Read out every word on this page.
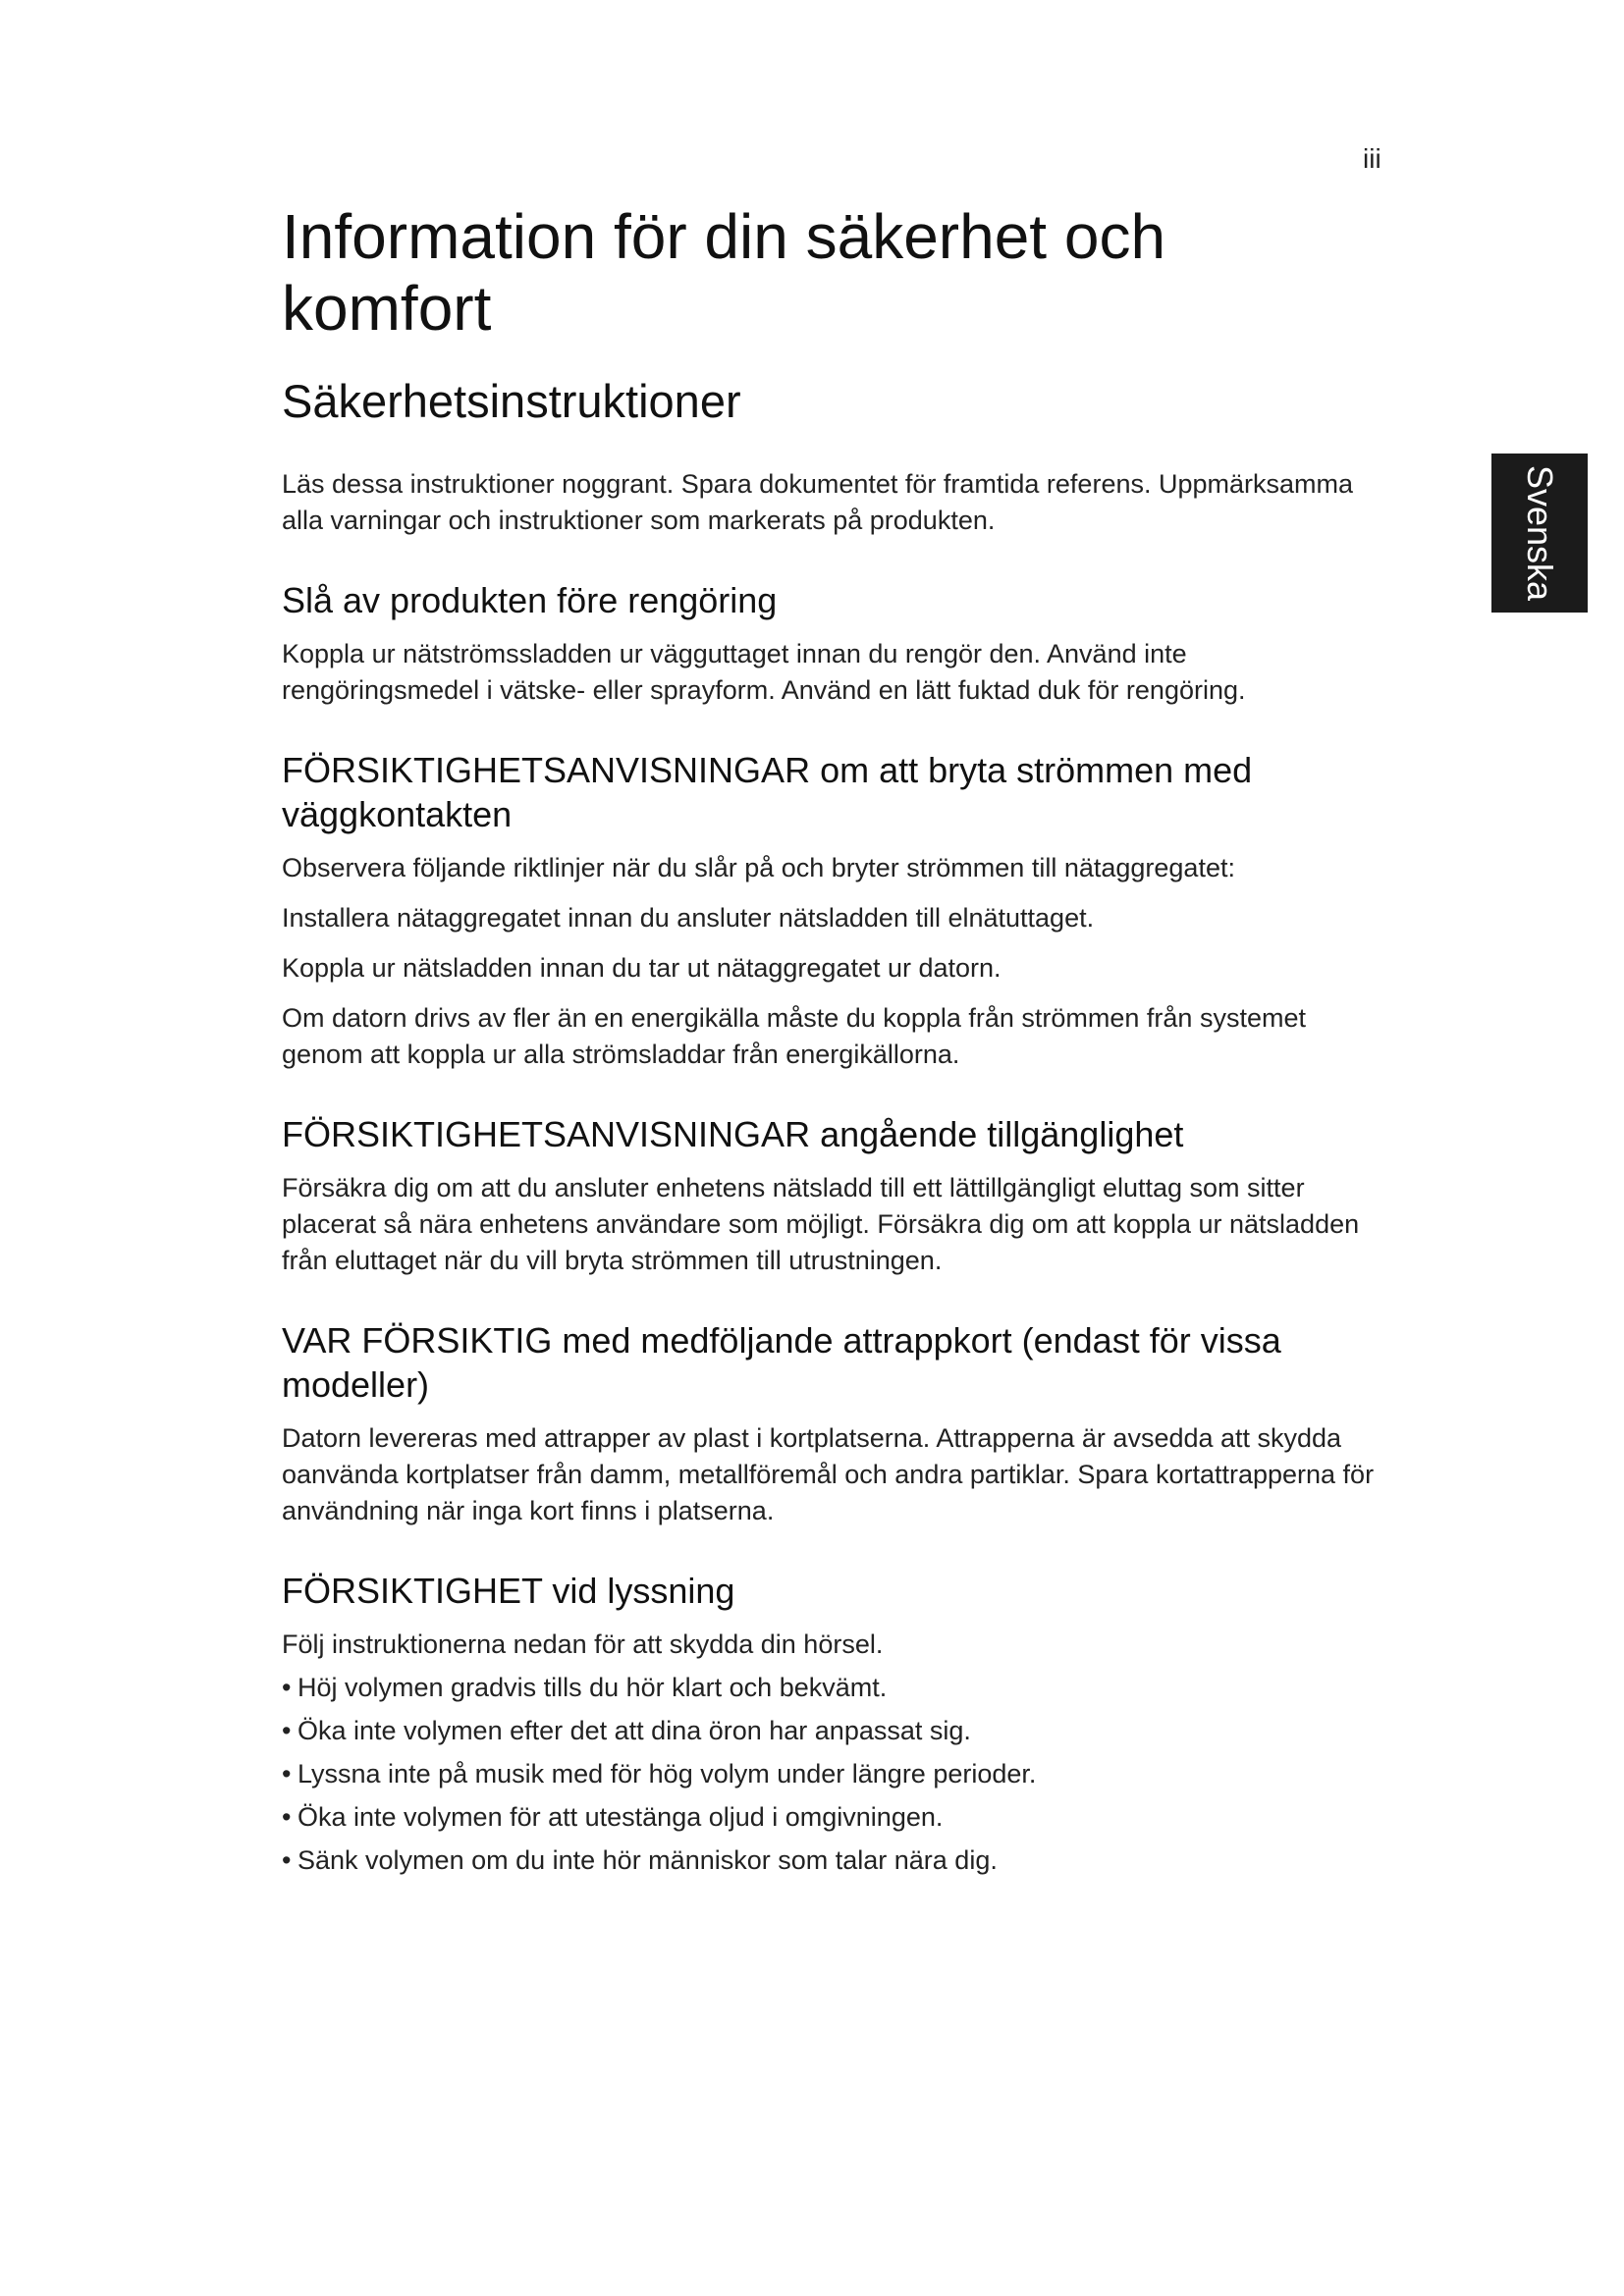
iii
Svenska
Information för din säkerhet och komfort
Säkerhetsinstruktioner

Läs dessa instruktioner noggrant. Spara dokumentet för framtida referens. Uppmärksamma alla varningar och instruktioner som markerats på produkten.

Slå av produkten före rengöring

Koppla ur nätströmssladden ur vägguttaget innan du rengör den. Använd inte rengöringsmedel i vätske- eller sprayform. Använd en lätt fuktad duk för rengöring.

FÖRSIKTIGHETSANVISNINGAR om att bryta strömmen med väggkontakten

Observera följande riktlinjer när du slår på och bryter strömmen till nätaggregatet:

Installera nätaggregatet innan du ansluter nätsladden till elnätuttaget.

Koppla ur nätsladden innan du tar ut nätaggregatet ur datorn.

Om datorn drivs av fler än en energikälla måste du koppla från strömmen från systemet genom att koppla ur alla strömsladdar från energikällorna.

FÖRSIKTIGHETSANVISNINGAR angående tillgänglighet

Försäkra dig om att du ansluter enhetens nätsladd till ett lättillgängligt eluttag som sitter placerat så nära enhetens användare som möjligt. Försäkra dig om att koppla ur nätsladden från eluttaget när du vill bryta strömmen till utrustningen.

VAR FÖRSIKTIG med medföljande attrappkort (endast för vissa modeller)

Datorn levereras med attrapper av plast i kortplatserna. Attrapperna är avsedda att skydda oanvända kortplatser från damm, metallföremål och andra partiklar. Spara kortattrapperna för användning när inga kort finns i platserna.

FÖRSIKTIGHET vid lyssning

Följ instruktionerna nedan för att skydda din hörsel.

• Höj volymen gradvis tills du hör klart och bekvämt.
• Öka inte volymen efter det att dina öron har anpassat sig.
• Lyssna inte på musik med för hög volym under längre perioder.
• Öka inte volymen för att utestänga oljud i omgivningen.
• Sänk volymen om du inte hör människor som talar nära dig.
